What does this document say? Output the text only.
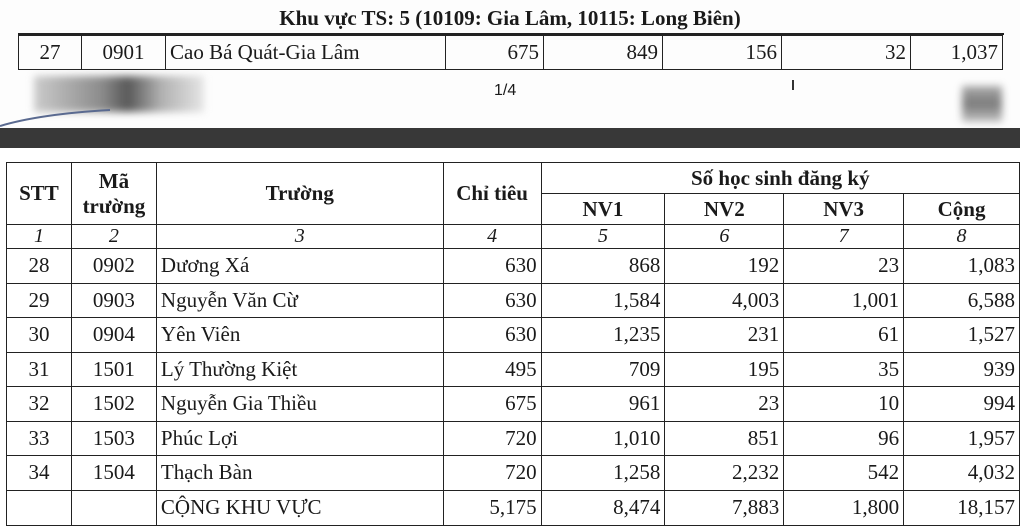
Khu vực TS: 5 (10109: Gia Lâm, 10115: Long Biên)
27	0901	Cao Bá Quát-Gia Lâm	675	849	156	32	1,037
1/4
STT	Mã trường	Trường	Chỉ tiêu	Số học sinh đăng ký			
				NV1	NV2	NV3	Cộng
1	2	3	4	5	6	7	8
28	0902	Dương Xá	630	868	192	23	1,083
29	0903	Nguyễn Văn Cừ	630	1,584	4,003	1,001	6,588
30	0904	Yên Viên	630	1,235	231	61	1,527
31	1501	Lý Thường Kiệt	495	709	195	35	939
32	1502	Nguyễn Gia Thiều	675	961	23	10	994
33	1503	Phúc Lợi	720	1,010	851	96	1,957
34	1504	Thạch Bàn	720	1,258	2,232	542	4,032
		CỘNG KHU VỰC	5,175	8,474	7,883	1,800	18,157
